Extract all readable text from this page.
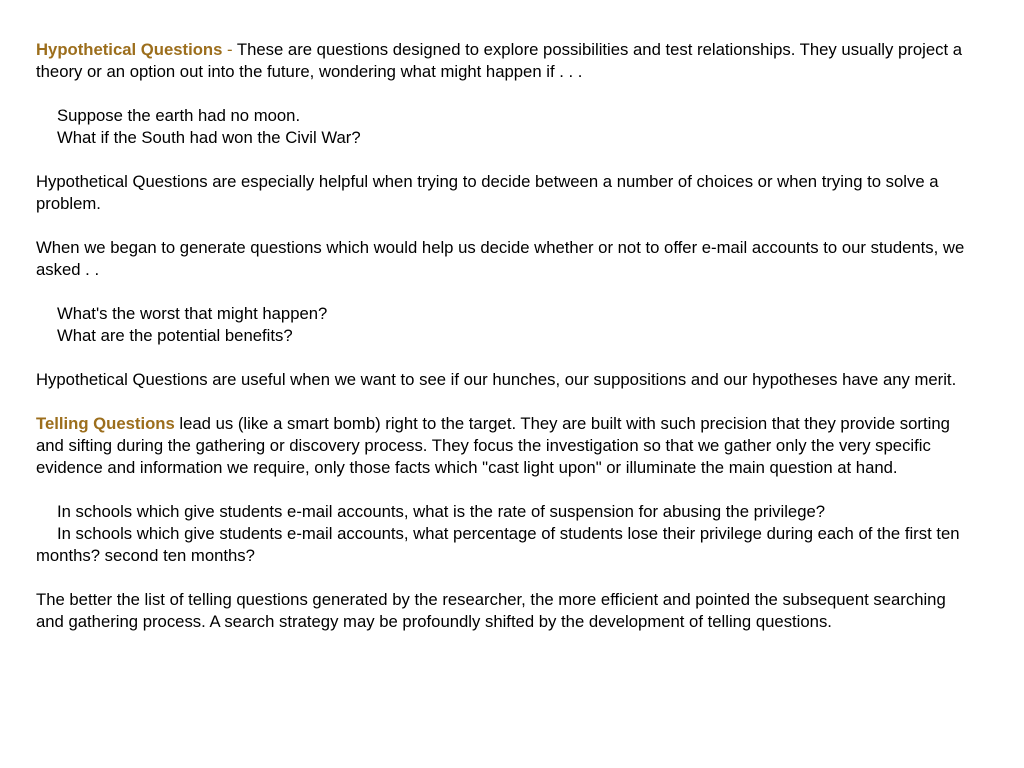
Hypothetical Questions - These are questions designed to explore possibilities and test relationships. They usually project a theory or an option out into the future, wondering what might happen if . . .

Suppose the earth had no moon.
What if the South had won the Civil War?

Hypothetical Questions are especially helpful when trying to decide between a number of choices or when trying to solve a problem.

When we began to generate questions which would help us decide whether or not to offer e-mail accounts to our students, we asked . .

What's the worst that might happen?
What are the potential benefits?

Hypothetical Questions are useful when we want to see if our hunches, our suppositions and our hypotheses have any merit.

Telling Questions lead us (like a smart bomb) right to the target. They are built with such precision that they provide sorting and sifting during the gathering or discovery process. They focus the investigation so that we gather only the very specific evidence and information we require, only those facts which "cast light upon" or illuminate the main question at hand.

In schools which give students e-mail accounts, what is the rate of suspension for abusing the privilege?
In schools which give students e-mail accounts, what percentage of students lose their privilege during each of the first ten months? second ten months?

The better the list of telling questions generated by the researcher, the more efficient and pointed the subsequent searching and gathering process. A search strategy may be profoundly shifted by the development of telling questions.
